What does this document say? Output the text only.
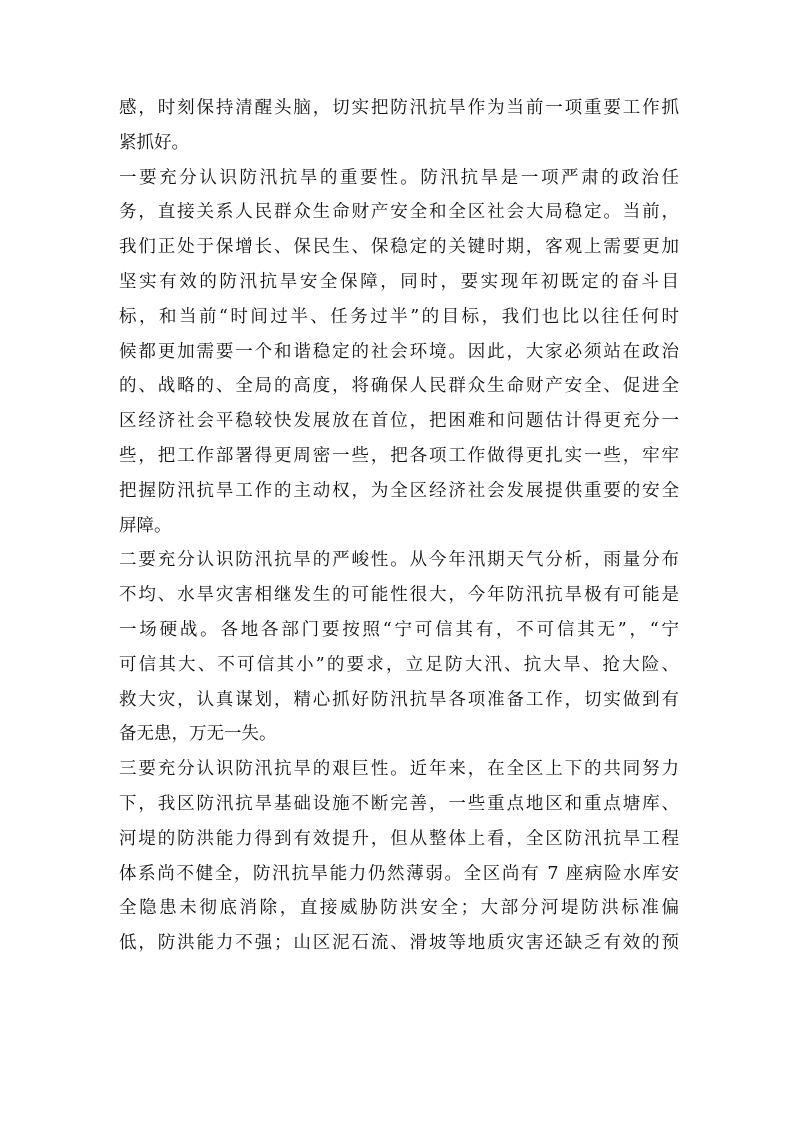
感，时刻保持清醒头脑，切实把防汛抗旱作为当前一项重要工作抓
紧抓好。
一要充分认识防汛抗旱的重要性。防汛抗旱是一项严肃的政治任
务，直接关系人民群众生命财产安全和全区社会大局稳定。当前，
我们正处于保增长、保民生、保稳定的关键时期，客观上需要更加
坚实有效的防汛抗旱安全保障，同时，要实现年初既定的奋斗目
标，和当前“时间过半、任务过半”的目标，我们也比以往任何时
候都更加需要一个和谐稳定的社会环境。因此，大家必须站在政治
的、战略的、全局的高度，将确保人民群众生命财产安全、促进全
区经济社会平稳较快发展放在首位，把困难和问题估计得更充分一
些，把工作部署得更周密一些，把各项工作做得更扎实一些，牢牢
把握防汛抗旱工作的主动权，为全区经济社会发展提供重要的安全
屏障。
二要充分认识防汛抗旱的严峻性。从今年汛期天气分析，雨量分布
不均、水旱灾害相继发生的可能性很大，今年防汛抗旱极有可能是
一场硬战。各地各部门要按照“宁可信其有，不可信其无”，“宁
可信其大、不可信其小”的要求，立足防大汛、抗大旱、抢大险、
救大灾，认真谋划，精心抓好防汛抗旱各项准备工作，切实做到有
备无患，万无一失。
三要充分认识防汛抗旱的艰巨性。近年来，在全区上下的共同努力
下，我区防汛抗旱基础设施不断完善，一些重点地区和重点塘库、
河堤的防洪能力得到有效提升，但从整体上看，全区防汛抗旱工程
体系尚不健全，防汛抗旱能力仍然薄弱。全区尚有 7 座病险水库安
全隐患未彻底消除，直接威胁防洪安全；大部分河堤防洪标准偏
低，防洪能力不强；山区泥石流、滑坡等地质灾害还缺乏有效的预
